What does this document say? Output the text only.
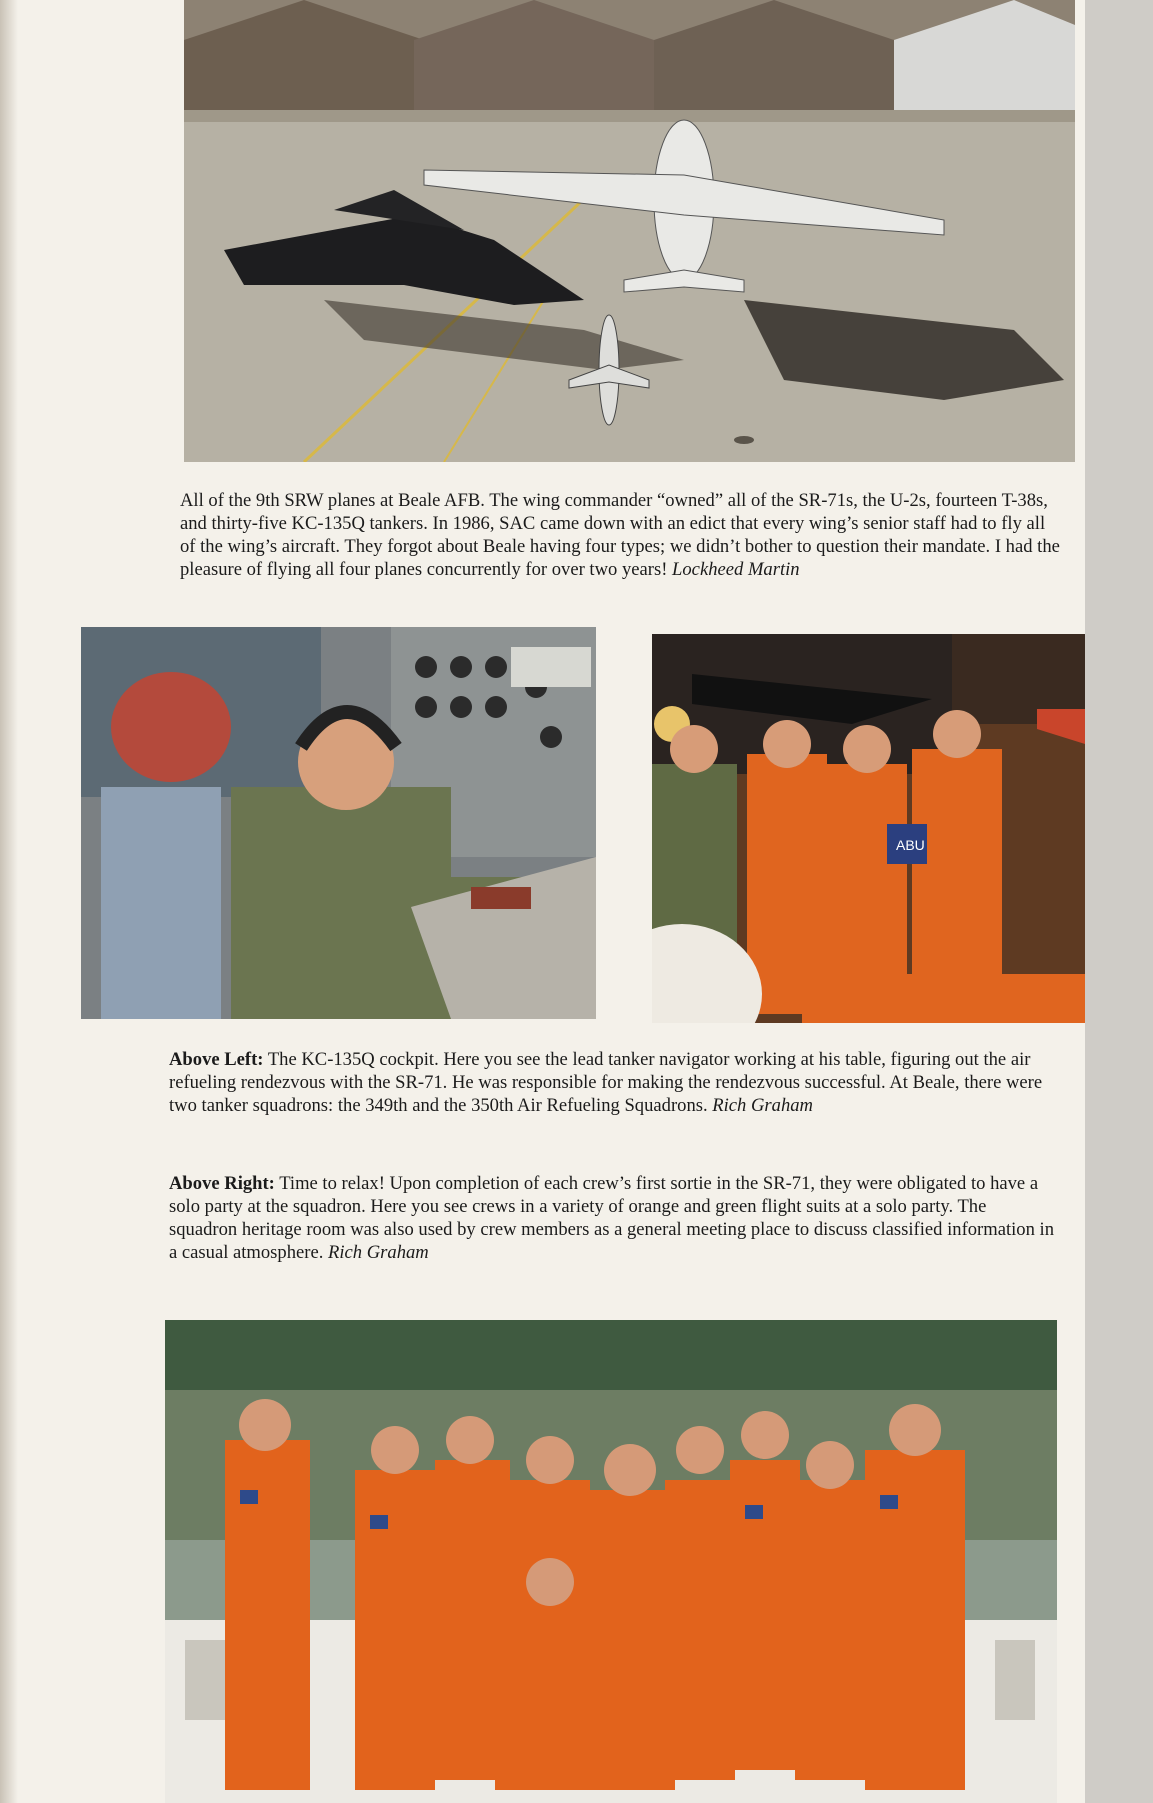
All of the 9th SRW planes at Beale AFB. The wing commander “owned” all of the SR-71s, the U-2s, fourteen T-38s, and thirty-five KC-135Q tankers. In 1986, SAC came down with an edict that every wing’s senior staff had to fly all of the wing’s aircraft. They forgot about Beale having four types; we didn’t bother to question their mandate. I had the pleasure of flying all four planes concurrently for over two years! Lockheed Martin

ABU

Above Left: The KC-135Q cockpit. Here you see the lead tanker navigator working at his table, figuring out the air refueling rendezvous with the SR-71. He was responsible for making the rendezvous successful. At Beale, there were two tanker squadrons: the 349th and the 350th Air Refueling Squadrons. Rich Graham

Above Right: Time to relax! Upon completion of each crew’s first sortie in the SR-71, they were obligated to have a solo party at the squadron. Here you see crews in a variety of orange and green flight suits at a solo party. The squadron heritage room was also used by crew members as a general meeting place to discuss classified information in a casual atmosphere. Rich Graham
